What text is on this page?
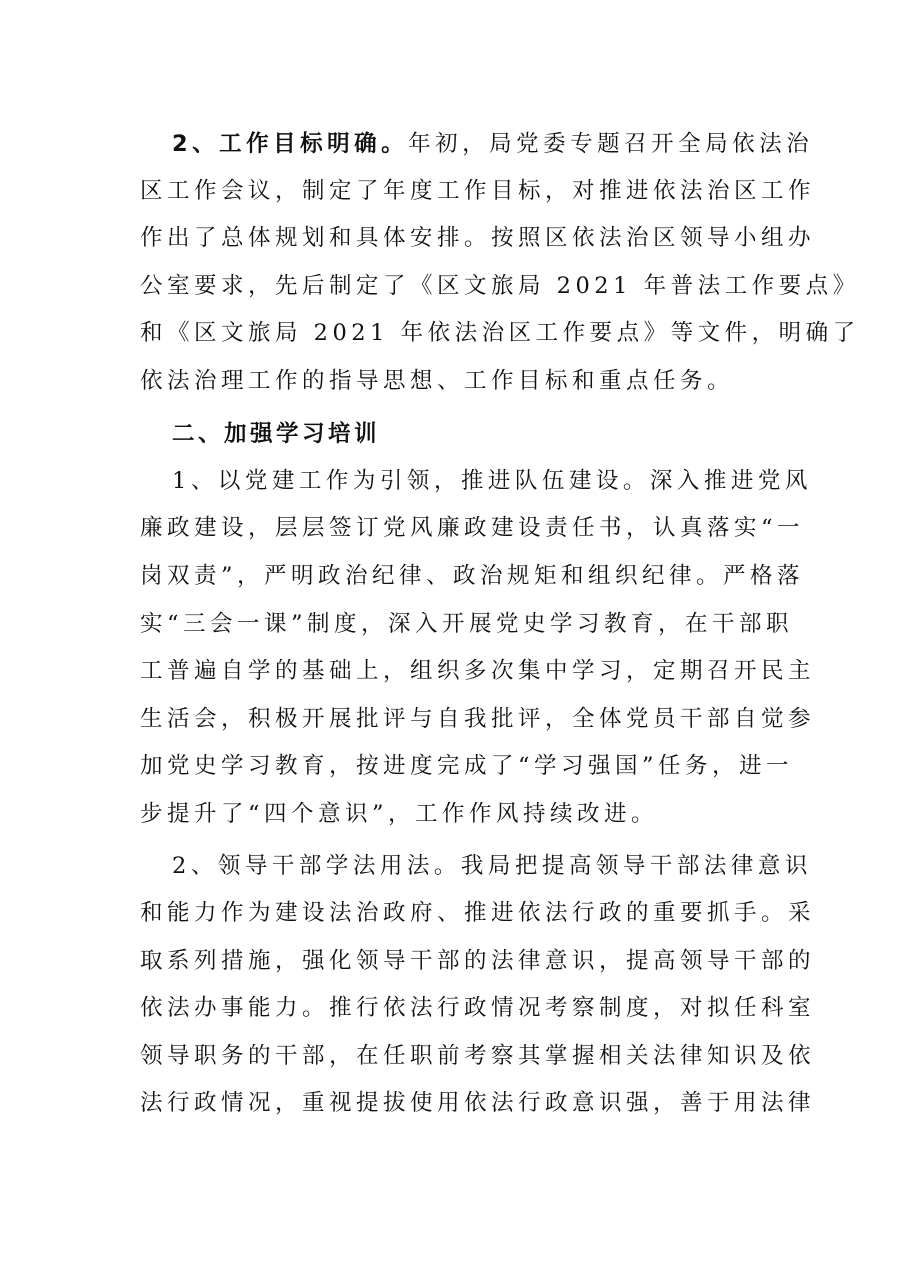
2、工作目标明确。年初，局党委专题召开全局依法治
区工作会议，制定了年度工作目标，对推进依法治区工作
作出了总体规划和具体安排。按照区依法治区领导小组办
公室要求，先后制定了《区文旅局 2021 年普法工作要点》
和《区文旅局 2021 年依法治区工作要点》等文件，明确了
依法治理工作的指导思想、工作目标和重点任务。
二、加强学习培训
1、以党建工作为引领，推进队伍建设。深入推进党风
廉政建设，层层签订党风廉政建设责任书，认真落实“一
岗双责”，严明政治纪律、政治规矩和组织纪律。严格落
实“三会一课”制度，深入开展党史学习教育，在干部职
工普遍自学的基础上，组织多次集中学习，定期召开民主
生活会，积极开展批评与自我批评，全体党员干部自觉参
加党史学习教育，按进度完成了“学习强国”任务，进一
步提升了“四个意识”，工作作风持续改进。
2、领导干部学法用法。我局把提高领导干部法律意识
和能力作为建设法治政府、推进依法行政的重要抓手。采
取系列措施，强化领导干部的法律意识，提高领导干部的
依法办事能力。推行依法行政情况考察制度，对拟任科室
领导职务的干部，在任职前考察其掌握相关法律知识及依
法行政情况，重视提拔使用依法行政意识强，善于用法律
